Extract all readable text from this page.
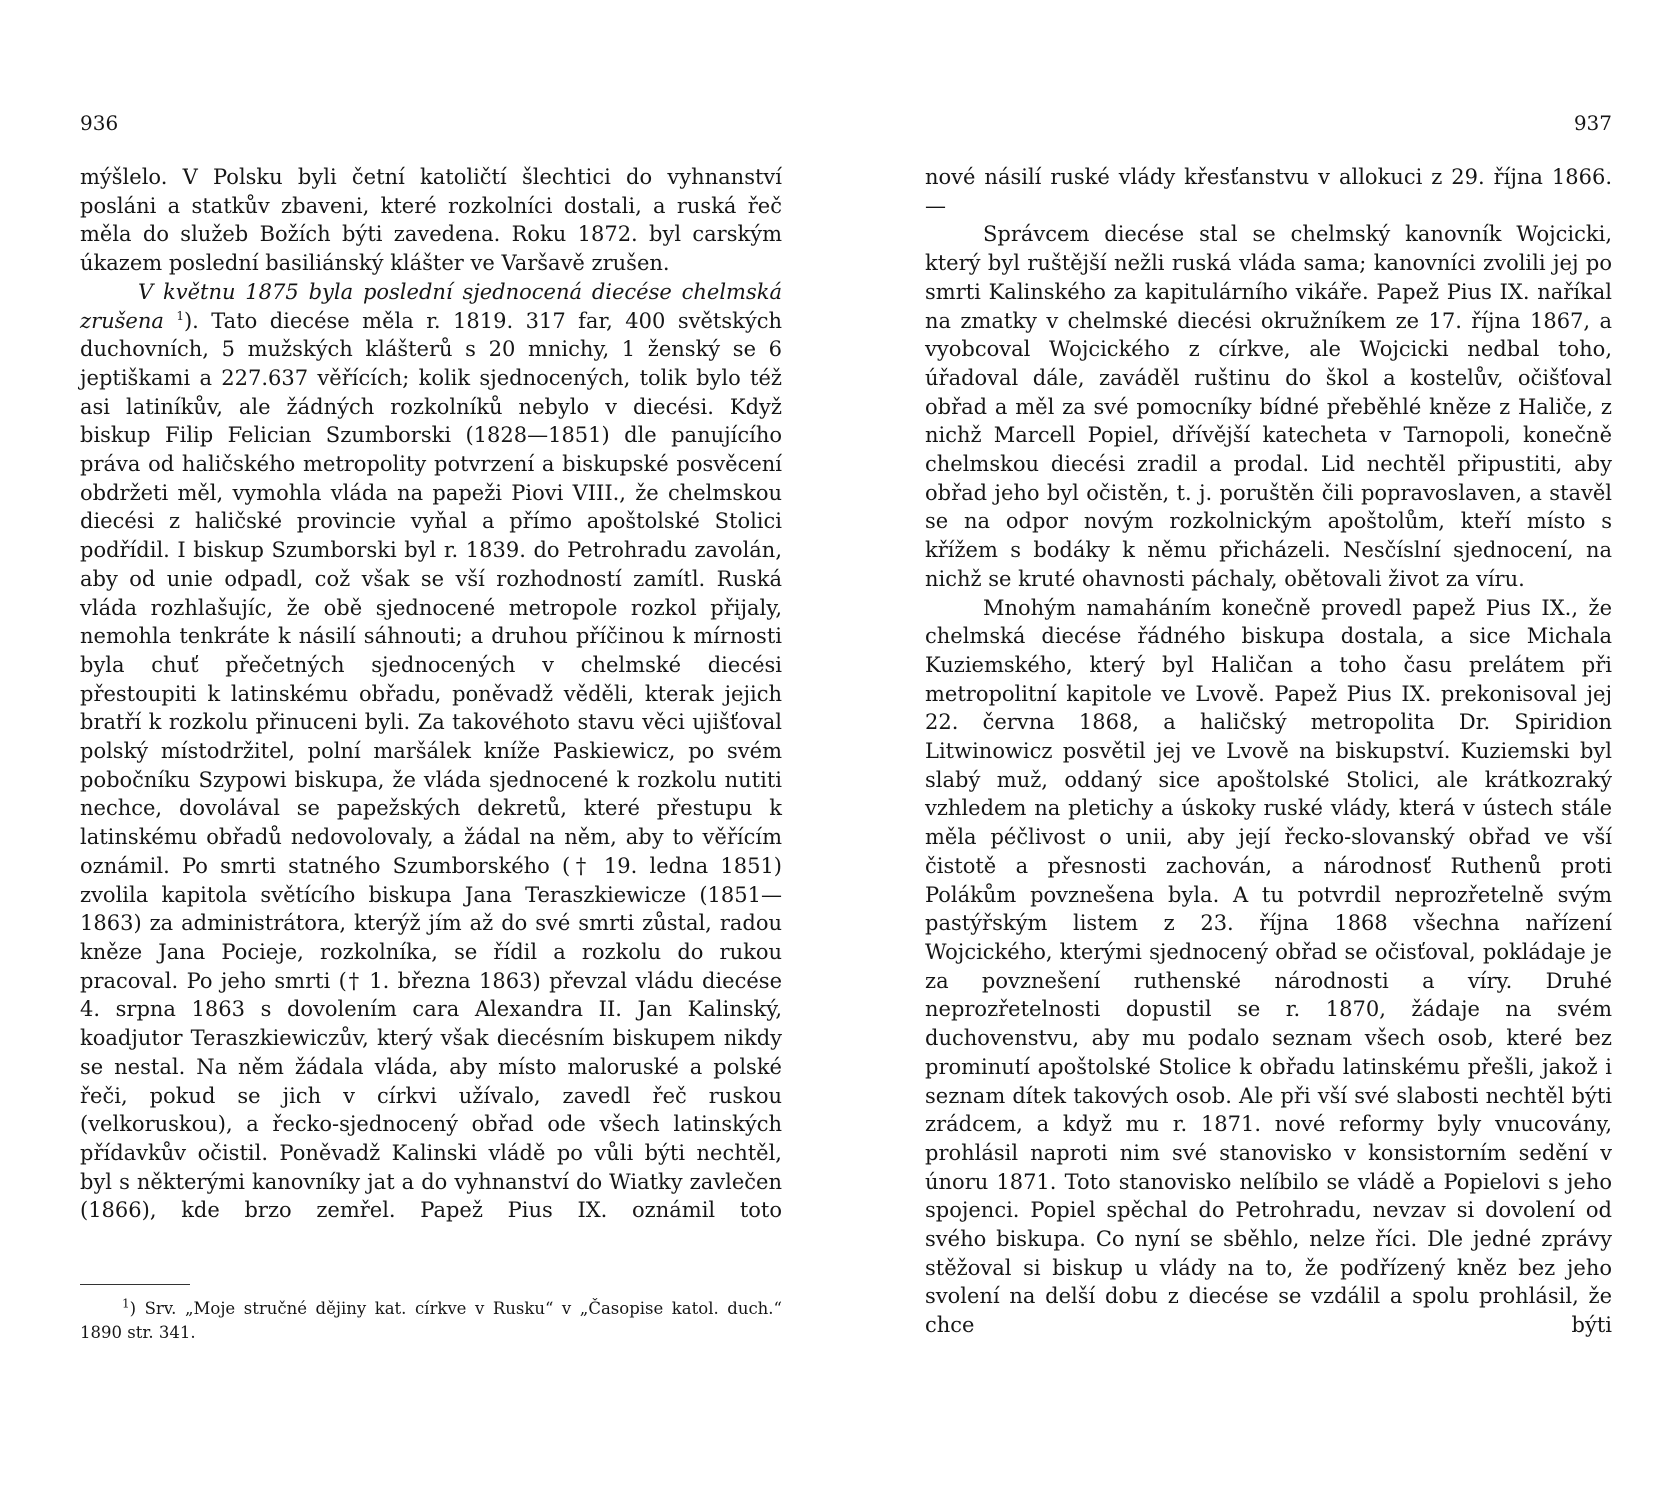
936

mýšlelo. V Polsku byli četní katoličtí šlechtici do vyhnanství posláni a statkův zbaveni, které rozkolníci dostali, a ruská řeč měla do služeb Božích býti zavedena. Roku 1872. byl carským úkazem poslední basiliánský klášter ve Varšavě zrušen.

V květnu 1875 byla poslední sjednocená diecése chelmská zrušena $^1$). Tato diecése měla r. 1819. 317 far, 400 světských duchovních, 5 mužských klášterů s 20 mnichy, 1 ženský se 6 jeptiškami a 227.637 věřících; kolik sjednocených, tolik bylo též asi latiníkův, ale žádných rozkolníků nebylo v diecési. Když biskup Filip Felician Szumborski (1828—1851) dle panujícího práva od haličského metropolity potvrzení a biskupské posvěcení obdržeti měl, vymohla vláda na papeži Piovi VIII., že chelmskou diecési z haličské provincie vyňal a přímo apoštolské Stolici podřídil. I biskup Szumborski byl r. 1839. do Petrohradu zavolán, aby od unie odpadl, což však se vší rozhodností zamítl. Ruská vláda rozhlašujíc, že obě sjednocené metropole rozkol přijaly, nemohla tenkráte k násilí sáhnouti; a druhou příčinou k mírnosti byla chuť přečetných sjednocených v chelmské diecési přestoupiti k latinskému obřadu, poněvadž věděli, kterak jejich bratří k rozkolu přinuceni byli. Za takovéhoto stavu věci ujišťoval polský místodržitel, polní maršálek kníže Paskiewicz, po svém pobočníku Szypowi biskupa, že vláda sjednocené k rozkolu nutiti nechce, dovolával se papežských dekretů, které přestupu k latinskému obřadů nedovolovaly, a žádal na něm, aby to věřícím oznámil. Po smrti statného Szumborského († 19. ledna 1851) zvolila kapitola světícího biskupa Jana Teraszkiewicze (1851—1863) za administrátora, kterýž jím až do své smrti zůstal, radou kněze Jana Pocieje, rozkolníka, se řídil a rozkolu do rukou pracoval. Po jeho smrti († 1. března 1863) převzal vládu diecése 4. srpna 1863 s dovolením cara Alexandra II. Jan Kalinský, koadjutor Teraszkiewiczův, který však diecésním biskupem nikdy se nestal. Na něm žádala vláda, aby místo maloruské a polské řeči, pokud se jich v církvi užívalo, zavedl řeč ruskou (velkoruskou), a řecko-sjednocený obřad ode všech latinských přídavkův očistil. Poněvadž Kalinski vládě po vůli býti nechtěl, byl s některými kanovníky jat a do vyhnanství do Wiatky zavlečen (1866), kde brzo zemřel. Papež Pius IX. oznámil toto

$^1$) Srv. „Moje stručné dějiny kat. církve v Rusku“ v „Časopise katol. duch.“ 1890 str. 341.

937

nové násilí ruské vlády křesťanstvu v allokuci z 29. října 1866. —

Správcem diecése stal se chelmský kanovník Wojcicki, který byl ruštější nežli ruská vláda sama; kanovníci zvolili jej po smrti Kalinského za kapitulárního vikáře. Papež Pius IX. naříkal na zmatky v chelmské diecési okružníkem ze 17. října 1867, a vyobcoval Wojcického z církve, ale Wojcicki nedbal toho, úřadoval dále, zaváděl ruštinu do škol a kostelův, očišťoval obřad a měl za své pomocníky bídné přeběhlé kněze z Haliče, z nichž Marcell Popiel, dřívější katecheta v Tarnopoli, konečně chelmskou diecési zradil a prodal. Lid nechtěl připustiti, aby obřad jeho byl očistěn, t. j. poruštěn čili popravoslaven, a stavěl se na odpor novým rozkolnickým apoštolům, kteří místo s křížem s bodáky k němu přicházeli. Nesčíslní sjednocení, na nichž se kruté ohavnosti páchaly, obětovali život za víru.

Mnohým namaháním konečně provedl papež Pius IX., že chelmská diecése řádného biskupa dostala, a sice Michala Kuziemského, který byl Haličan a toho času prelátem při metropolitní kapitole ve Lvově. Papež Pius IX. prekonisoval jej 22. června 1868, a haličský metropolita Dr. Spiridion Litwinowicz posvětil jej ve Lvově na biskupství. Kuziemski byl slabý muž, oddaný sice apoštolské Stolici, ale krátkozraký vzhledem na pletichy a úskoky ruské vlády, která v ústech stále měla péčlivost o unii, aby její řecko-slovanský obřad ve vší čistotě a přesnosti zachován, a národnosť Ruthenů proti Polákům povznešena byla. A tu potvrdil neprozřetelně svým pastýřským listem z 23. října 1868 všechna nařízení Wojcického, kterými sjednocený obřad se očisťoval, pokládaje je za povznešení ruthenské národnosti a víry. Druhé neprozřetelnosti dopustil se r. 1870, žádaje na svém duchovenstvu, aby mu podalo seznam všech osob, které bez prominutí apoštolské Stolice k obřadu latinskému přešli, jakož i seznam dítek takových osob. Ale při vší své slabosti nechtěl býti zrádcem, a když mu r. 1871. nové reformy byly vnucovány, prohlásil naproti nim své stanovisko v konsistorním sedění v únoru 1871. Toto stanovisko nelíbilo se vládě a Popielovi s jeho spojenci. Popiel spěchal do Petrohradu, nevzav si dovolení od svého biskupa. Co nyní se sběhlo, nelze říci. Dle jedné zprávy stěžoval si biskup u vlády na to, že podřízený kněz bez jeho svolení na delší dobu z diecése se vzdálil a spolu prohlásil, že chce býti
